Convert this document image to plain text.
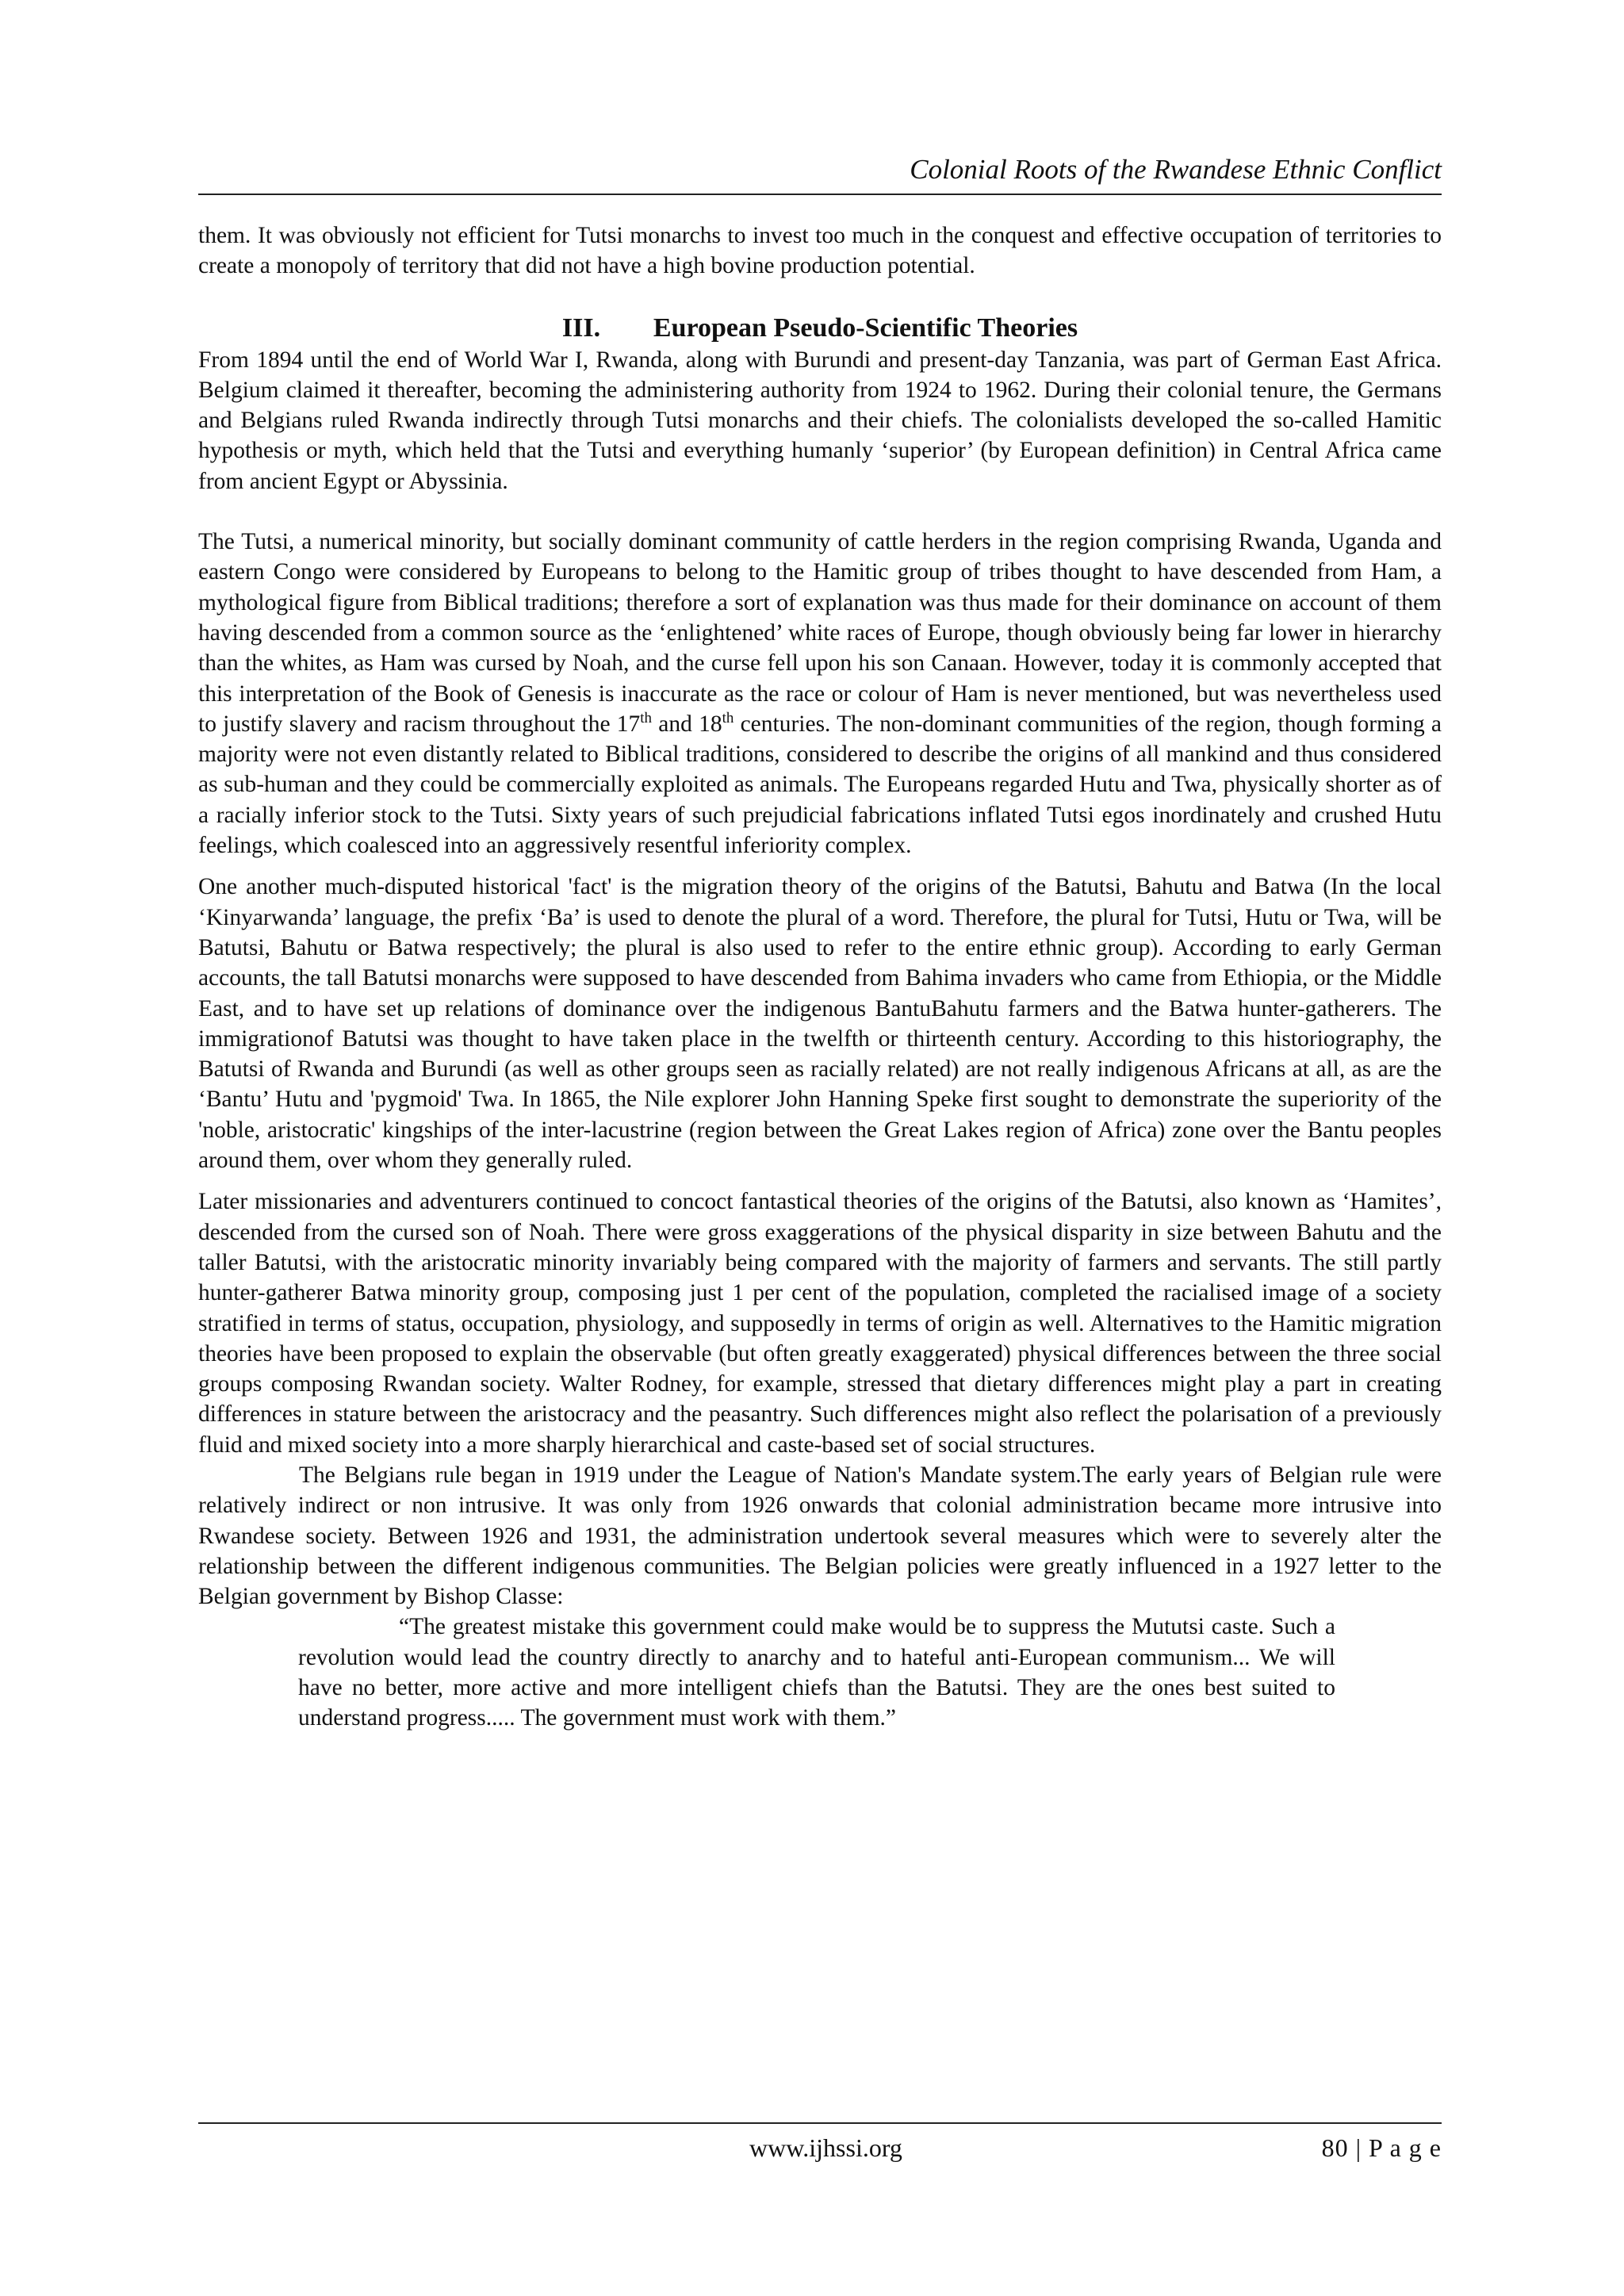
Colonial Roots of the Rwandese Ethnic Conflict

them. It was obviously not efficient for Tutsi monarchs to invest too much in the conquest and effective occupation of territories to create a monopoly of territory that did not have a high bovine production potential.

III. European Pseudo-Scientific Theories

From 1894 until the end of World War I, Rwanda, along with Burundi and present-day Tanzania, was part of German East Africa. Belgium claimed it thereafter, becoming the administering authority from 1924 to 1962. During their colonial tenure, the Germans and Belgians ruled Rwanda indirectly through Tutsi monarchs and their chiefs. The colonialists developed the so-called Hamitic hypothesis or myth, which held that the Tutsi and everything humanly ‘superior’ (by European definition) in Central Africa came from ancient Egypt or Abyssinia.

The Tutsi, a numerical minority, but socially dominant community of cattle herders in the region comprising Rwanda, Uganda and eastern Congo were considered by Europeans to belong to the Hamitic group of tribes thought to have descended from Ham, a mythological figure from Biblical traditions; therefore a sort of explanation was thus made for their dominance on account of them having descended from a common source as the ‘enlightened’ white races of Europe, though obviously being far lower in hierarchy than the whites, as Ham was cursed by Noah, and the curse fell upon his son Canaan. However, today it is commonly accepted that this interpretation of the Book of Genesis is inaccurate as the race or colour of Ham is never mentioned, but was nevertheless used to justify slavery and racism throughout the 17th and 18th centuries. The non-dominant communities of the region, though forming a majority were not even distantly related to Biblical traditions, considered to describe the origins of all mankind and thus considered as sub-human and they could be commercially exploited as animals. The Europeans regarded Hutu and Twa, physically shorter as of a racially inferior stock to the Tutsi. Sixty years of such prejudicial fabrications inflated Tutsi egos inordinately and crushed Hutu feelings, which coalesced into an aggressively resentful inferiority complex.

One another much-disputed historical 'fact' is the migration theory of the origins of the Batutsi, Bahutu and Batwa (In the local ‘Kinyarwanda’ language, the prefix ‘Ba’ is used to denote the plural of a word. Therefore, the plural for Tutsi, Hutu or Twa, will be Batutsi, Bahutu or Batwa respectively; the plural is also used to refer to the entire ethnic group). According to early German accounts, the tall Batutsi monarchs were supposed to have descended from Bahima invaders who came from Ethiopia, or the Middle East, and to have set up relations of dominance over the indigenous BantuBahutu farmers and the Batwa hunter-gatherers. The immigrationof Batutsi was thought to have taken place in the twelfth or thirteenth century. According to this historiography, the Batutsi of Rwanda and Burundi (as well as other groups seen as racially related) are not really indigenous Africans at all, as are the ‘Bantu’ Hutu and 'pygmoid' Twa. In 1865, the Nile explorer John Hanning Speke first sought to demonstrate the superiority of the 'noble, aristocratic' kingships of the inter-lacustrine (region between the Great Lakes region of Africa) zone over the Bantu peoples around them, over whom they generally ruled.

Later missionaries and adventurers continued to concoct fantastical theories of the origins of the Batutsi, also known as ‘Hamites’, descended from the cursed son of Noah. There were gross exaggerations of the physical disparity in size between Bahutu and the taller Batutsi, with the aristocratic minority invariably being compared with the majority of farmers and servants. The still partly hunter-gatherer Batwa minority group, composing just 1 per cent of the population, completed the racialised image of a society stratified in terms of status, occupation, physiology, and supposedly in terms of origin as well. Alternatives to the Hamitic migration theories have been proposed to explain the observable (but often greatly exaggerated) physical differences between the three social groups composing Rwandan society. Walter Rodney, for example, stressed that dietary differences might play a part in creating differences in stature between the aristocracy and the peasantry. Such differences might also reflect the polarisation of a previously fluid and mixed society into a more sharply hierarchical and caste-based set of social structures.

The Belgians rule began in 1919 under the League of Nation's Mandate system.The early years of Belgian rule were relatively indirect or non intrusive. It was only from 1926 onwards that colonial administration became more intrusive into Rwandese society. Between 1926 and 1931, the administration undertook several measures which were to severely alter the relationship between the different indigenous communities. The Belgian policies were greatly influenced in a 1927 letter to the Belgian government by Bishop Classe:

“The greatest mistake this government could make would be to suppress the Mututsi caste. Such a revolution would lead the country directly to anarchy and to hateful anti-European communism... We will have no better, more active and more intelligent chiefs than the Batutsi. They are the ones best suited to understand progress..... The government must work with them.”

www.ijhssi.org	80 | P a g e
